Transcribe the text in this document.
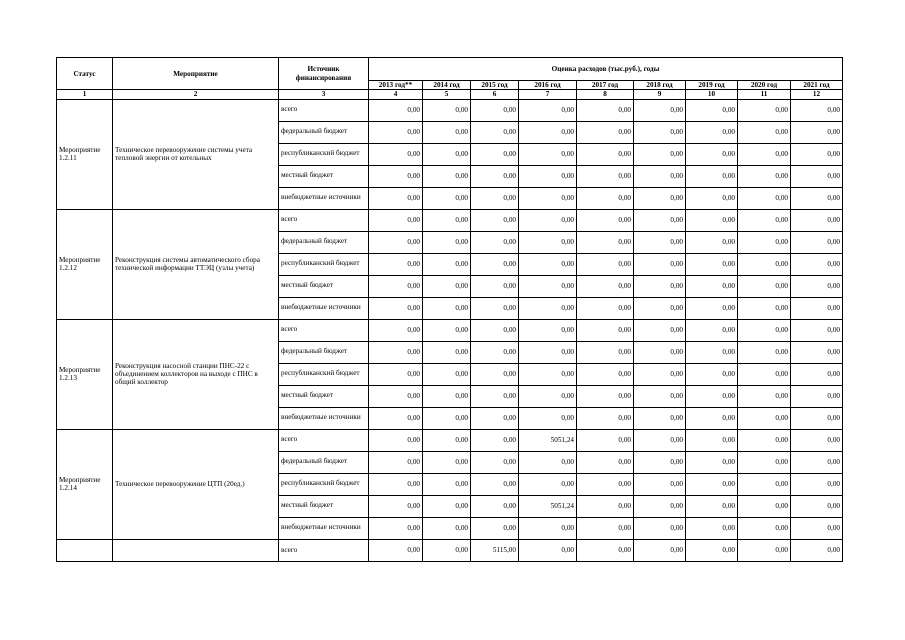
Статус	Мероприятие	Источник финансирования	Оценка расходов (тыс.руб.), годы								
			2013 год**	2014 год	2015 год	2016 год	2017 год	2018 год	2019 год	2020 год	2021 год
1	2	3	4	5	6	7	8	9	10	11	12
Мероприятие 1.2.11	Техническое перевооружение системы учета тепловой энергии от котельных	всего	0,00	0,00	0,00	0,00	0,00	0,00	0,00	0,00	0,00

		федеральный бюджет	0,00	0,00	0,00	0,00	0,00	0,00	0,00	0,00	0,00

		республиканский бюджет	0,00	0,00	0,00	0,00	0,00	0,00	0,00	0,00	0,00

		местный бюджет	0,00	0,00	0,00	0,00	0,00	0,00	0,00	0,00	0,00

		внебюджетные источники	0,00	0,00	0,00	0,00	0,00	0,00	0,00	0,00	0,00
Мероприятие 1.2.12	Реконструкция системы автоматического сбора технической информации ТТЭЦ (узлы учета)	всего	0,00	0,00	0,00	0,00	0,00	0,00	0,00	0,00	0,00

		федеральный бюджет	0,00	0,00	0,00	0,00	0,00	0,00	0,00	0,00	0,00

		республиканский бюджет	0,00	0,00	0,00	0,00	0,00	0,00	0,00	0,00	0,00

		местный бюджет	0,00	0,00	0,00	0,00	0,00	0,00	0,00	0,00	0,00

		внебюджетные источники	0,00	0,00	0,00	0,00	0,00	0,00	0,00	0,00	0,00
Мероприятие 1.2.13	Реконструкция насосной станции ПНС-22 с объединением коллекторов на выходе с ПНС в общий коллектор	всего	0,00	0,00	0,00	0,00	0,00	0,00	0,00	0,00	0,00

		федеральный бюджет	0,00	0,00	0,00	0,00	0,00	0,00	0,00	0,00	0,00

		республиканский бюджет	0,00	0,00	0,00	0,00	0,00	0,00	0,00	0,00	0,00

		местный бюджет	0,00	0,00	0,00	0,00	0,00	0,00	0,00	0,00	0,00

		внебюджетные источники	0,00	0,00	0,00	0,00	0,00	0,00	0,00	0,00	0,00
Мероприятие 1.2.14	Техническое перевооружение ЦТП (20ед.)	всего	0,00	0,00	0,00	5051,24	0,00	0,00	0,00	0,00	0,00

		федеральный бюджет	0,00	0,00	0,00	0,00	0,00	0,00	0,00	0,00	0,00

		республиканский бюджет	0,00	0,00	0,00	0,00	0,00	0,00	0,00	0,00	0,00

		местный бюджет	0,00	0,00	0,00	5051,24	0,00	0,00	0,00	0,00	0,00

		внебюджетные источники	0,00	0,00	0,00	0,00	0,00	0,00	0,00	0,00	0,00
		всего	0,00	0,00	5115,00	0,00	0,00	0,00	0,00	0,00	0,00
